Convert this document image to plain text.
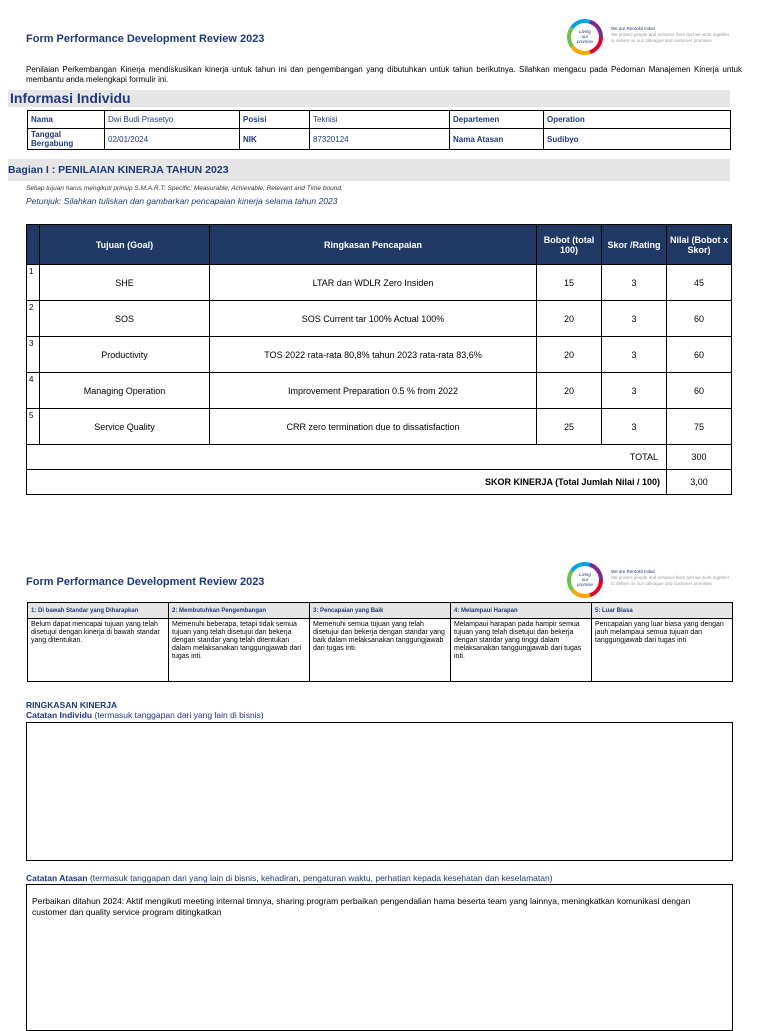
Form Performance Development Review 2023
Living
our
promise
We are Rentokil Initial
We protect people and enhance lives and we work together
to deliver on our colleague and customer promises
Penilaian Perkembangan Kinerja mendiskusikan kinerja untuk tahun ini dan pengembangan yang dibutuhkan untuk tahun berikutnya. Silahkan mengacu pada Pedoman Manajemen Kinerja untuk membantu anda melengkapi formulir ini.
Informasi Individu
Nama	Dwi Budi Prasetyo	Posisi	Teknisi	Departemen	Operation
Tanggal Bergabung	02/01/2024	NIK	87320124	Nama Atasan	Sudibyo
Bagian I : PENILAIAN KINERJA TAHUN 2023
Setiap tujuan harus mengikuti prinsip S.M.A.R.T: Specific; Measurable; Achievable; Relevant and Time bound.
Petunjuk: Silahkan tuliskan dan gambarkan pencapaian kinerja selama tahun 2023
	Tujuan (Goal)	Ringkasan Pencapaian	Bobot (total 100)	Skor /Rating	Nilai (Bobot x Skor)
1	SHE	LTAR dan WDLR Zero Insiden	15	3	45
2	SOS	SOS Current tar 100% Actual 100%	20	3	60
3	Productivity	TOS 2022 rata-rata 80,8% tahun 2023 rata-rata 83,6%	20	3	60
4	Managing Operation	Improvement Preparation 0.5 % from 2022	20	3	60
5	Service Quality	CRR zero termination due to dissatisfaction	25	3	75
TOTAL					300
SKOR KINERJA (Total Jumlah Nilai / 100)					3,00
Form Performance Development Review 2023
Living
our
promise
We are Rentokil Initial
We protect people and enhance lives and we work together
to deliver on our colleague and customer promises
1: Di bawah Standar yang Diharapkan	2: Membutuhkan Pengembangan	3: Pencapaian yang Baik	4: Melampaui Harapan	5: Luar Biasa
Belum dapat mencapai tujuan yang telah disetujui dengan kinerja di bawah standar yang ditentukan.	Memenuhi beberapa, tetapi tidak semua tujuan yang telah disetujui dan bekerja dengan standar yang telah ditentukan dalam melaksanakan tanggungjawab dari tugas inti.	Memenuhi semua tujuan yang telah disetujui dan bekerja dengan standar yang baik dalam melaksanakan tanggungjawab dari tugas inti.	Melampaui harapan pada hampir semua tujuan yang telah disetujui dan bekerja dengan standar yang tinggi dalam melaksanakan tanggungjawab dari tugas inti.	Pencapaian yang luar biasa yang dengan jauh melampaui semua tujuan dan tanggungjawab dari tugas inti
RINGKASAN KINERJA
Catatan Individu (termasuk tanggapan dari yang lain di bisnis)
Catatan Atasan (termasuk tanggapan dari yang lain di bisnis, kehadiran, pengaturan waktu, perhatian kepada kesehatan dan keselamatan)
Perbaikan ditahun 2024: Aktif mengikuti meeting internal timnya, sharing program perbaikan pengendalian hama beserta team yang lainnya, meningkatkan komunikasi dengan customer dan quality service program ditingkatkan
